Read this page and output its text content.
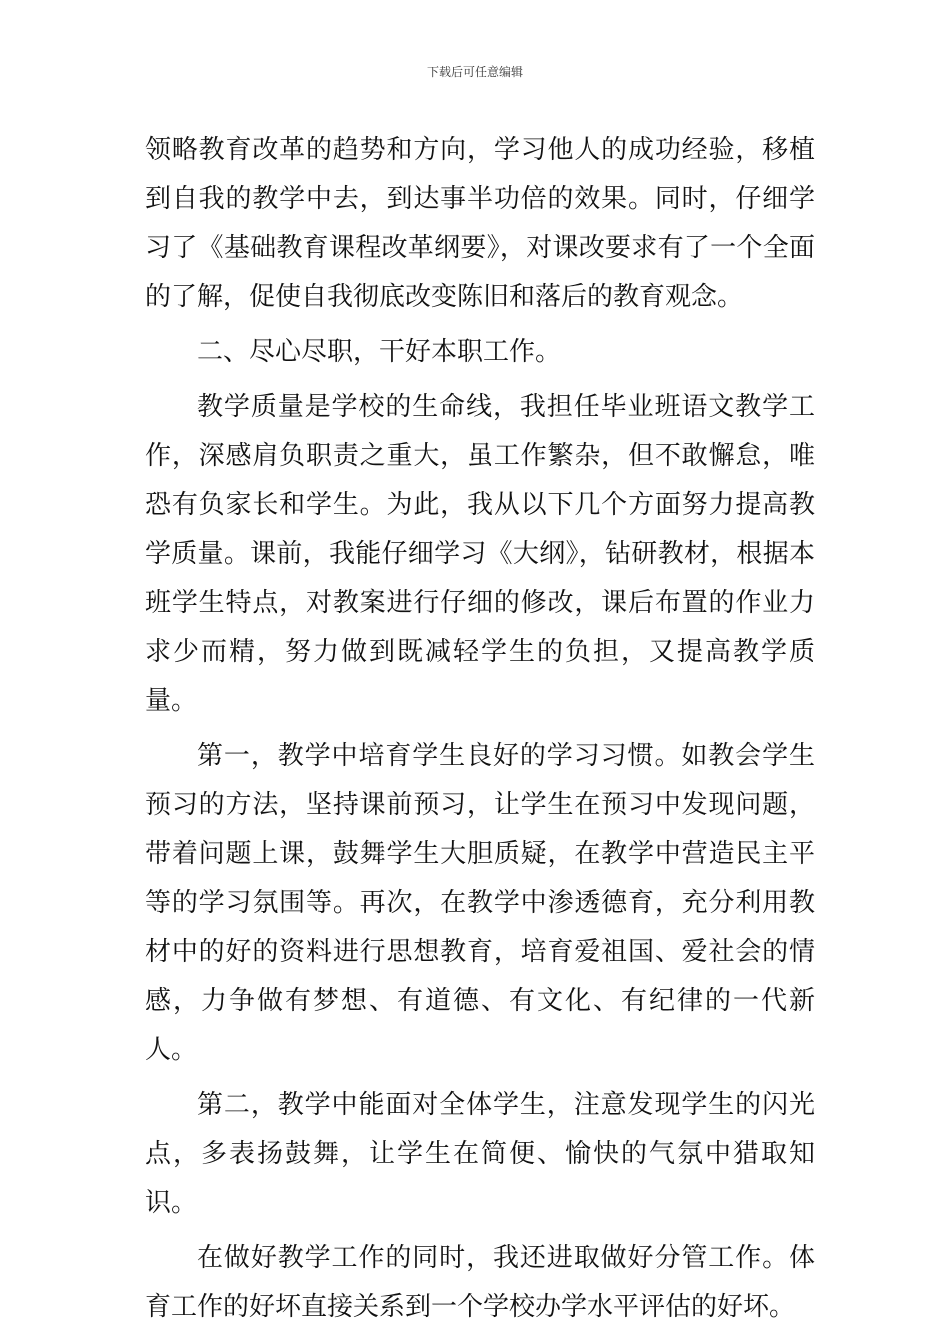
下载后可任意编辑

领略教育改革的趋势和方向，学习他人的成功经验，移植到自我的教学中去，到达事半功倍的效果。同时，仔细学习了《基础教育课程改革纲要》，对课改要求有了一个全面的了解，促使自我彻底改变陈旧和落后的教育观念。

二、尽心尽职，干好本职工作。

教学质量是学校的生命线，我担任毕业班语文教学工作，深感肩负职责之重大，虽工作繁杂，但不敢懈怠，唯恐有负家长和学生。为此，我从以下几个方面努力提高教学质量。课前，我能仔细学习《大纲》，钻研教材，根据本班学生特点，对教案进行仔细的修改，课后布置的作业力求少而精，努力做到既减轻学生的负担，又提高教学质量。

第一，教学中培育学生良好的学习习惯。如教会学生预习的方法，坚持课前预习，让学生在预习中发现问题，带着问题上课，鼓舞学生大胆质疑，在教学中营造民主平等的学习氛围等。再次，在教学中渗透德育，充分利用教材中的好的资料进行思想教育，培育爱祖国、爱社会的情感，力争做有梦想、有道德、有文化、有纪律的一代新人。

第二，教学中能面对全体学生，注意发现学生的闪光点，多表扬鼓舞，让学生在简便、愉快的气氛中猎取知识。

在做好教学工作的同时，我还进取做好分管工作。体育工作的好坏直接关系到一个学校办学水平评估的好坏。
